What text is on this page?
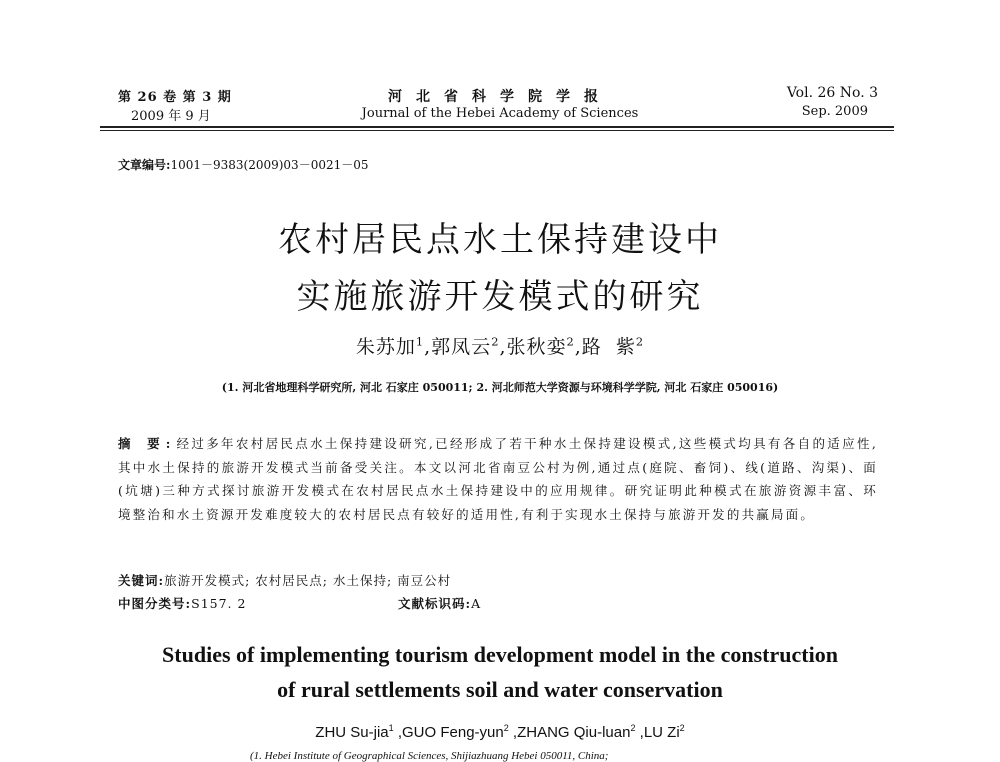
第 26 卷 第 3 期
2009 年 9 月
河北省科学院学报
Journal of the Hebei Academy of Sciences
Vol. 26 No. 3
Sep. 2009
文章编号:1001－9383(2009)03－0021－05
农村居民点水土保持建设中
实施旅游开发模式的研究
朱苏加$^1$,郭凤云$^2$,张秋娈$^2$,路  紫$^2$
(1. 河北省地理科学研究所, 河北 石家庄 050011; 2. 河北师范大学资源与环境科学学院, 河北 石家庄 050016)
摘 要:经过多年农村居民点水土保持建设研究,已经形成了若干种水土保持建设模式,这些模式均具有各自的适应性,其中水土保持的旅游开发模式当前备受关注。本文以河北省南豆公村为例,通过点(庭院、畜饲)、线(道路、沟渠)、面(坑塘)三种方式探讨旅游开发模式在农村居民点水土保持建设中的应用规律。研究证明此种模式在旅游资源丰富、环境整治和水土资源开发难度较大的农村居民点有较好的适用性,有利于实现水土保持与旅游开发的共赢局面。
关键词:旅游开发模式; 农村居民点; 水土保持; 南豆公村
中图分类号:S157. 2	文献标识码:A
Studies of implementing tourism development model in the construction
of rural settlements soil and water conservation
ZHU Su-jia$^1$ ,GUO Feng-yun$^2$ ,ZHANG Qiu-luan$^2$ ,LU Zi$^2$
(1. Hebei Institute of Geographical Sciences, Shijiazhuang Hebei 050011, China;
